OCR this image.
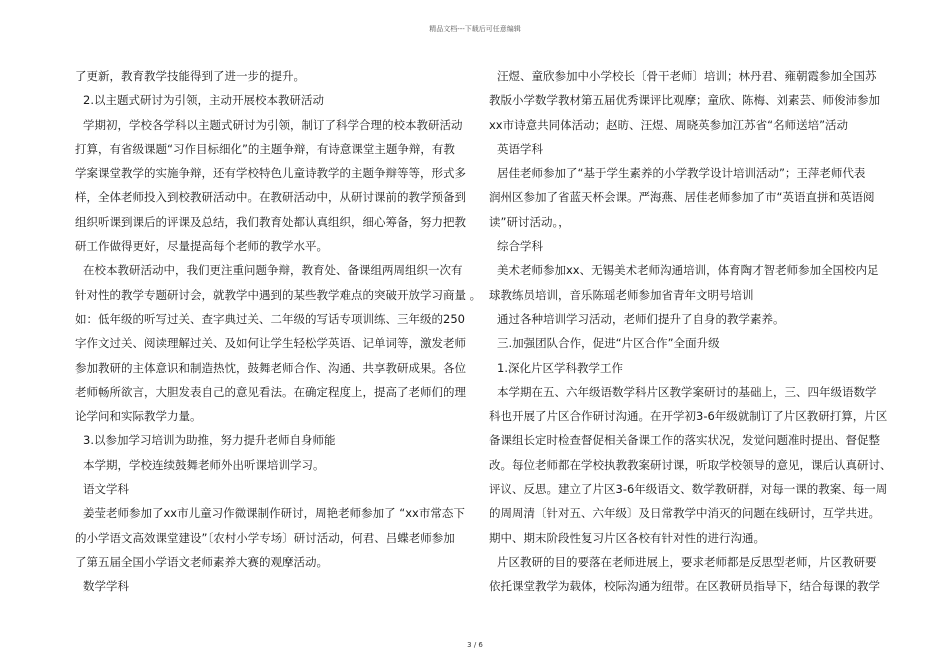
精品文档---下载后可任意编辑
了更新，教育教学技能得到了进一步的提升。
2.以主题式研讨为引领，主动开展校本教研活动
学期初，学校各学科以主题式研讨为引领，制订了科学合理的校本教研活动
打算，有省级课题“习作目标细化”的主题争辩，有诗意课堂主题争辩，有教
学案课堂教学的实施争辩，还有学校特色儿童诗教学的主题争辩等等，形式多
样，全体老师投入到校教研活动中。在教研活动中，从研讨课前的教学预备到
组织听课到课后的评课及总结，我们教育处都认真组织，细心筹备，努力把教
研工作做得更好，尽量提高每个老师的教学水平。
在校本教研活动中，我们更注重问题争辩，教育处、备课组两周组织一次有
针对性的教学专题研讨会，就教学中遇到的某些教学难点的突破开放学习商量 。
如：低年级的听写过关、查字典过关、二年级的写话专项训练、三年级的250
字作文过关、阅读理解过关、及如何让学生轻松学英语、记单词等，激发老师
参加教研的主体意识和制造热忱，鼓舞老师合作、沟通、共享教研成果。各位
老师畅所欲言，大胆发表自己的意见看法。在确定程度上，提高了老师们的理
论学问和实际教学力量。
3.以参加学习培训为助推，努力提升老师自身师能
本学期，学校连续鼓舞老师外出听课培训学习。
语文学科
姜莹老师参加了xx市儿童习作微课制作研讨，周艳老师参加了 “xx市常态下
的小学语文高效课堂建设”〔农村小学专场〕研讨活动，何君、吕蝶老师参加
了第五届全国小学语文老师素养大赛的观摩活动。
数学学科
汪煜、童欣参加中小学校长〔骨干老师〕培训；林丹君、雍朝霞参加全国苏
教版小学数学教材第五届优秀课评比观摩；童欣、陈梅、刘素芸、师俊沛参加
xx市诗意共同体活动；赵昉、汪煜、周晓英参加江苏省“名师送培”活动
英语学科
居佳老师参加了“基于学生素养的小学教学设计培训活动”；王萍老师代表
润州区参加了省蓝天杯会课。严海燕、居佳老师参加了市“英语直拼和英语阅
读”研讨活动。，
综合学科
美术老师参加xx、无锡美术老师沟通培训，体育陶才智老师参加全国校内足
球教练员培训，音乐陈瑶老师参加省青年文明号培训
通过各种培训学习活动，老师们提升了自身的教学素养。
三.加强团队合作，促进“片区合作”全面升级
1.深化片区学科教学工作
本学期在五、六年级语数学科片区教学案研讨的基础上，三、四年级语数学
科也开展了片区合作研讨沟通。在开学初3-6年级就制订了片区教研打算，片区
备课组长定时检查督促相关备课工作的落实状况，发觉问题准时提出、督促整
改。每位老师都在学校执教教案研讨课，听取学校领导的意见，课后认真研讨、
评议、反思。建立了片区3-6年级语文、数学教研群，对每一课的教案、每一周
的周周清〔针对五、六年级〕及日常教学中消灭的问题在线研讨，互学共进。
期中、期末阶段性复习片区各校有针对性的进行沟通。
片区教研的目的要落在老师进展上，要求老师都是反思型老师，片区教研要
依托课堂教学为载体，校际沟通为纽带。在区教研员指导下，结合每课的教学
3 / 6
